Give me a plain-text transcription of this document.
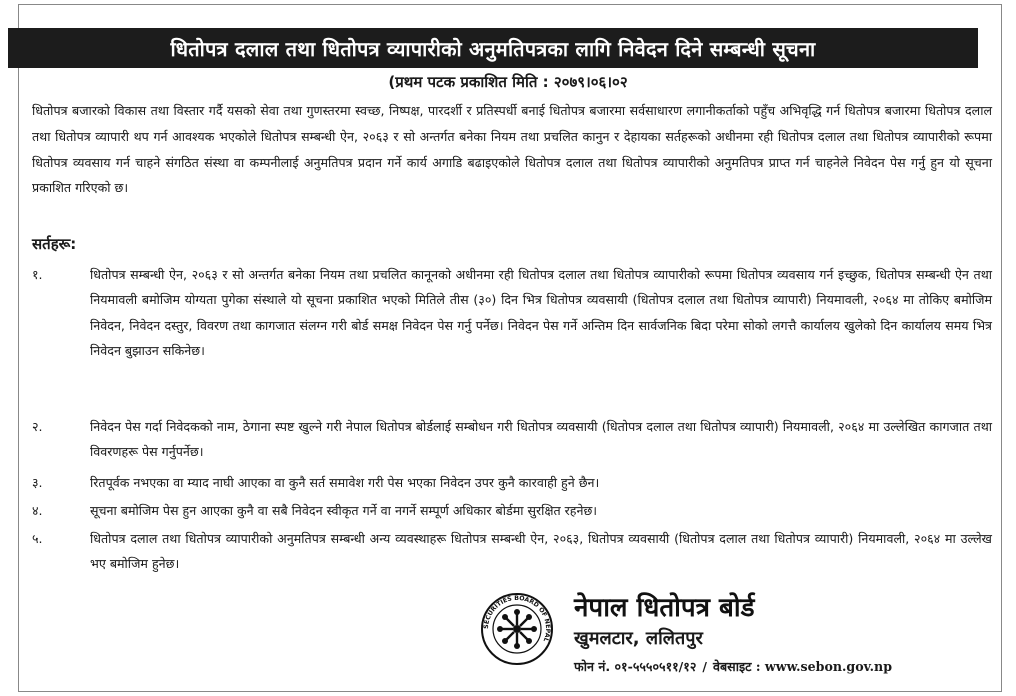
धितोपत्र दलाल तथा धितोपत्र व्यापारीको अनुमतिपत्रका लागि निवेदन दिने सम्बन्धी सूचना
(प्रथम पटक प्रकाशित मिति : २०७९।०६।०२
धितोपत्र बजारको विकास तथा विस्तार गर्दै यसको सेवा तथा गुणस्तरमा स्वच्छ, निष्पक्ष, पारदर्शी र प्रतिस्पर्धी बनाई धितोपत्र बजारमा सर्वसाधारण लगानीकर्ताको पहुँच अभिवृद्धि गर्न धितोपत्र बजारमा धितोपत्र दलाल तथा धितोपत्र व्यापारी थप गर्न आवश्यक भएकोले धितोपत्र सम्बन्धी ऐन, २०६३ र सो अन्तर्गत बनेका नियम तथा प्रचलित कानुन र देहायका सर्तहरूको अधीनमा रही धितोपत्र दलाल तथा धितोपत्र व्यापारीको रूपमा धितोपत्र व्यवसाय गर्न चाहने संगठित संस्था वा कम्पनीलाई अनुमतिपत्र प्रदान गर्ने कार्य अगाडि बढाइएकोले धितोपत्र दलाल तथा धितोपत्र व्यापारीको अनुमतिपत्र प्राप्त गर्न चाहनेले निवेदन पेस गर्नु हुन यो सूचना प्रकाशित गरिएको छ।
सर्तहरू:
१.	धितोपत्र सम्बन्धी ऐन, २०६३ र सो अन्तर्गत बनेका नियम तथा प्रचलित कानूनको अधीनमा रही धितोपत्र दलाल तथा धितोपत्र व्यापारीको रूपमा धितोपत्र व्यवसाय गर्न इच्छुक, धितोपत्र सम्बन्धी ऐन तथा नियमावली बमोजिम योग्यता पुगेका संस्थाले यो सूचना प्रकाशित भएको मितिले तीस (३०) दिन भित्र धितोपत्र व्यवसायी (धितोपत्र दलाल तथा धितोपत्र व्यापारी) नियमावली, २०६४ मा तोकिए बमोजिम निवेदन, निवेदन दस्तुर, विवरण तथा कागजात संलग्न गरी बोर्ड समक्ष निवेदन पेस गर्नु पर्नेछ। निवेदन पेस गर्ने अन्तिम दिन सार्वजनिक बिदा परेमा सोको लगत्तै कार्यालय खुलेको दिन कार्यालय समय भित्र निवेदन बुझाउन सकिनेछ।
२.	निवेदन पेस गर्दा निवेदकको नाम, ठेगाना स्पष्ट खुल्ने गरी नेपाल धितोपत्र बोर्डलाई सम्बोधन गरी धितोपत्र व्यवसायी (धितोपत्र दलाल तथा धितोपत्र व्यापारी) नियमावली, २०६४ मा उल्लेखित कागजात तथा विवरणहरू पेस गर्नुपर्नेछ।
३.	रितपूर्वक नभएका वा म्याद नाघी आएका वा कुनै सर्त समावेश गरी पेस भएका निवेदन उपर कुनै कारवाही हुने छैन।
४.	सूचना बमोजिम पेस हुन आएका कुनै वा सबै निवेदन स्वीकृत गर्ने वा नगर्ने सम्पूर्ण अधिकार बोर्डमा सुरक्षित रहनेछ।
५.	धितोपत्र दलाल तथा धितोपत्र व्यापारीको अनुमतिपत्र सम्बन्धी अन्य व्यवस्थाहरू धितोपत्र सम्बन्धी ऐन, २०६३, धितोपत्र व्यवसायी (धितोपत्र दलाल तथा धितोपत्र व्यापारी) नियमावली, २०६४ मा उल्लेख भए बमोजिम हुनेछ।
SECURITIES BOARD OF NEPAL
नेपाल धितोपत्र बोर्ड
खुमलटार, ललितपुर
फोन नं. ०१-५५५०५११/१२ / वेबसाइट : www.sebon.gov.np
